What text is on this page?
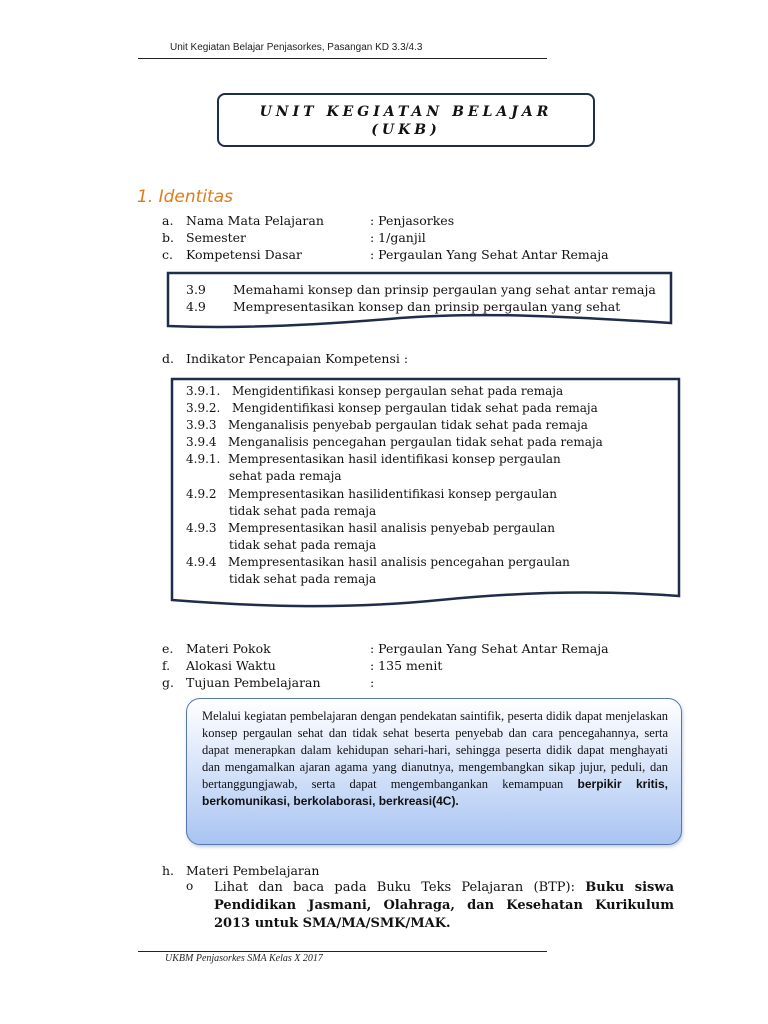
Unit Kegiatan Belajar Penjasorkes, Pasangan KD 3.3/4.3
UNIT KEGIATAN BELAJAR
(UKB)
1. Identitas
a. Nama Mata Pelajaran	: Penjasorkes
b. Semester	: 1/ganjil
c. Kompetensi Dasar	: Pergaulan Yang Sehat Antar Remaja
3.9 Memahami konsep dan prinsip pergaulan yang sehat antar remaja
4.9 Mempresentasikan konsep dan prinsip pergaulan yang sehat
d. Indikator Pencapaian Kompetensi :
3.9.1. Mengidentifikasi konsep pergaulan sehat pada remaja
3.9.2. Mengidentifikasi konsep pergaulan tidak sehat pada remaja
3.9.3 Menganalisis penyebab pergaulan tidak sehat pada remaja
3.9.4 Menganalisis pencegahan pergaulan tidak sehat pada remaja
4.9.1. Mempresentasikan hasil identifikasi konsep pergaulan
sehat pada remaja
4.9.2 Mempresentasikan hasilidentifikasi konsep pergaulan
tidak sehat pada remaja
4.9.3 Mempresentasikan hasil analisis penyebab pergaulan
tidak sehat pada remaja
4.9.4 Mempresentasikan hasil analisis pencegahan pergaulan
tidak sehat pada remaja
e. Materi Pokok	: Pergaulan Yang Sehat Antar Remaja
f. Alokasi Waktu	: 135 menit
g. Tujuan Pembelajaran	:
Melalui kegiatan pembelajaran dengan pendekatan saintifik, peserta didik dapat menjelaskan konsep pergaulan sehat dan tidak sehat beserta penyebab dan cara pencegahannya, serta dapat menerapkan dalam kehidupan sehari-hari, sehingga peserta didik dapat menghayati dan mengamalkan ajaran agama yang dianutnya, mengembangkan sikap jujur, peduli, dan bertanggungjawab, serta dapat mengembangankan kemampuan berpikir kritis, berkomunikasi, berkolaborasi, berkreasi(4C).
h. Materi Pembelajaran
o Lihat dan baca pada Buku Teks Pelajaran (BTP): Buku siswa Pendidikan Jasmani, Olahraga, dan Kesehatan Kurikulum 2013 untuk SMA/MA/SMK/MAK.
UKBM Penjasorkes SMA Kelas X 2017
